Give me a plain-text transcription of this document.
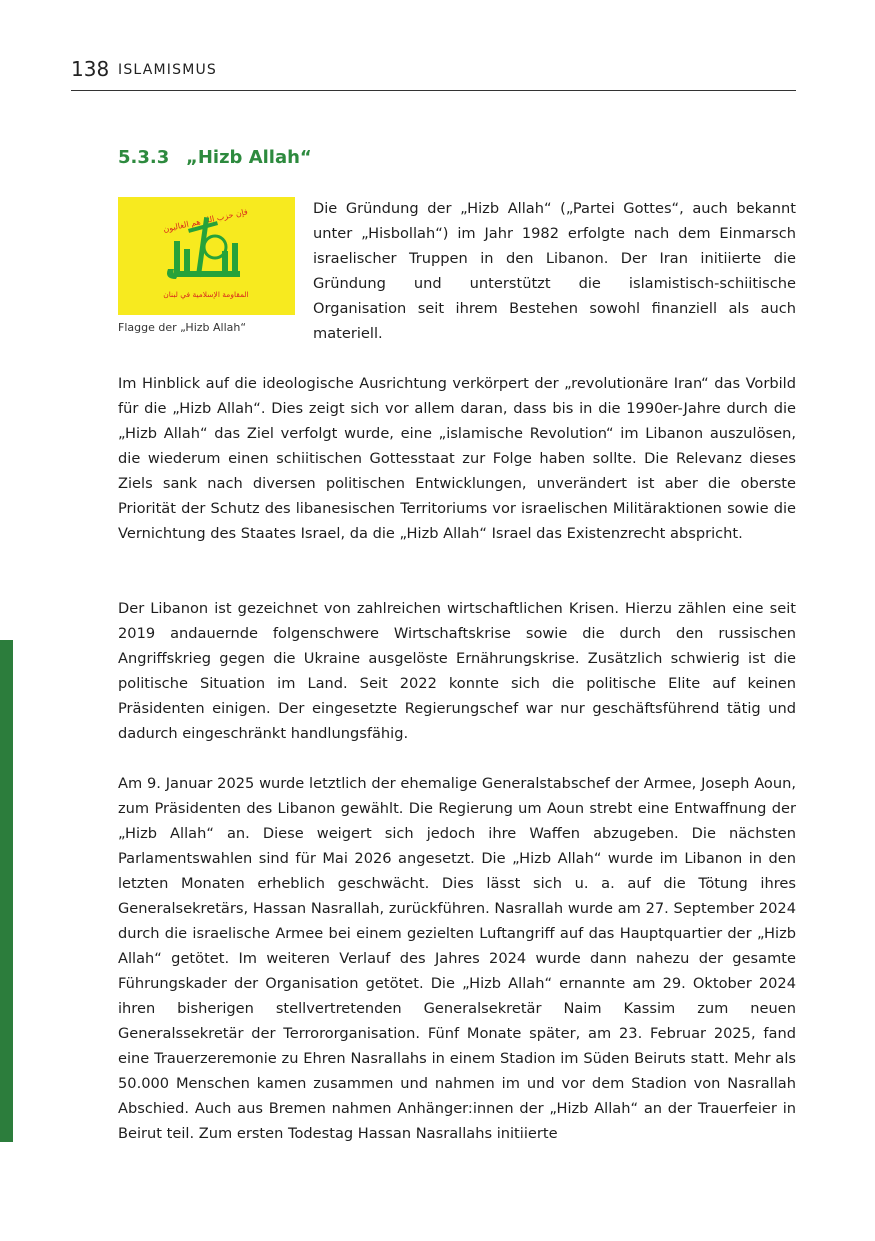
138 ISLAMISMUS
5.3.3 „Hizb Allah“
فإن حزب هم الغالبون
المقاومة الإسلامية في لبنان
Flagge der „Hizb Allah“

Die Gründung der „Hizb Allah“ („Partei Gottes“, auch bekannt unter „Hisbollah“) im Jahr 1982 erfolgte nach dem Einmarsch israelischer Truppen in den Libanon. Der Iran initiierte die Gründung und unterstützt die islamistisch-schiitische Organisation seit ihrem Bestehen sowohl finanziell als auch materiell.

Im Hinblick auf die ideologische Ausrichtung verkörpert der „revolutionäre Iran“ das Vorbild für die „Hizb Allah“. Dies zeigt sich vor allem daran, dass bis in die 1990er-Jahre durch die „Hizb Allah“ das Ziel verfolgt wurde, eine „islamische Revolution“ im Libanon auszulösen, die wiederum einen schiitischen Gottesstaat zur Folge haben sollte. Die Relevanz dieses Ziels sank nach diversen politischen Entwicklungen, unverändert ist aber die oberste Priorität der Schutz des libanesischen Territoriums vor israelischen Militäraktionen sowie die Vernichtung des Staates Israel, da die „Hizb Allah“ Israel das Existenzrecht abspricht.

Der Libanon ist gezeichnet von zahlreichen wirtschaftlichen Krisen. Hierzu zählen eine seit 2019 andauernde folgenschwere Wirtschaftskrise sowie die durch den russischen Angriffskrieg gegen die Ukraine ausgelöste Ernährungskrise. Zusätzlich schwierig ist die politische Situation im Land. Seit 2022 konnte sich die politische Elite auf keinen Präsidenten einigen. Der eingesetzte Regierungschef war nur geschäftsführend tätig und dadurch eingeschränkt handlungsfähig.

Am 9. Januar 2025 wurde letztlich der ehemalige Generalstabschef der Armee, Joseph Aoun, zum Präsidenten des Libanon gewählt. Die Regierung um Aoun strebt eine Entwaffnung der „Hizb Allah“ an. Diese weigert sich jedoch ihre Waffen abzugeben. Die nächsten Parlamentswahlen sind für Mai 2026 angesetzt. Die „Hizb Allah“ wurde im Libanon in den letzten Monaten erheblich geschwächt. Dies lässt sich u. a. auf die Tötung ihres Generalsekretärs, Hassan Nasrallah, zurückführen. Nasrallah wurde am 27. September 2024 durch die israelische Armee bei einem gezielten Luftangriff auf das Hauptquartier der „Hizb Allah“ getötet. Im weiteren Verlauf des Jahres 2024 wurde dann nahezu der gesamte Führungskader der Organisation getötet. Die „Hizb Allah“ ernannte am 29. Oktober 2024 ihren bisherigen stellvertretenden Generalsekretär Naim Kassim zum neuen Generalssekretär der Terrororganisation. Fünf Monate später, am 23. Februar 2025, fand eine Trauerzeremonie zu Ehren Nasrallahs in einem Stadion im Süden Beiruts statt. Mehr als 50.000 Menschen kamen zusammen und nahmen im und vor dem Stadion von Nasrallah Abschied. Auch aus Bremen nahmen Anhänger:innen der „Hizb Allah“ an der Trauerfeier in Beirut teil. Zum ersten Todestag Hassan Nasrallahs initiierte
